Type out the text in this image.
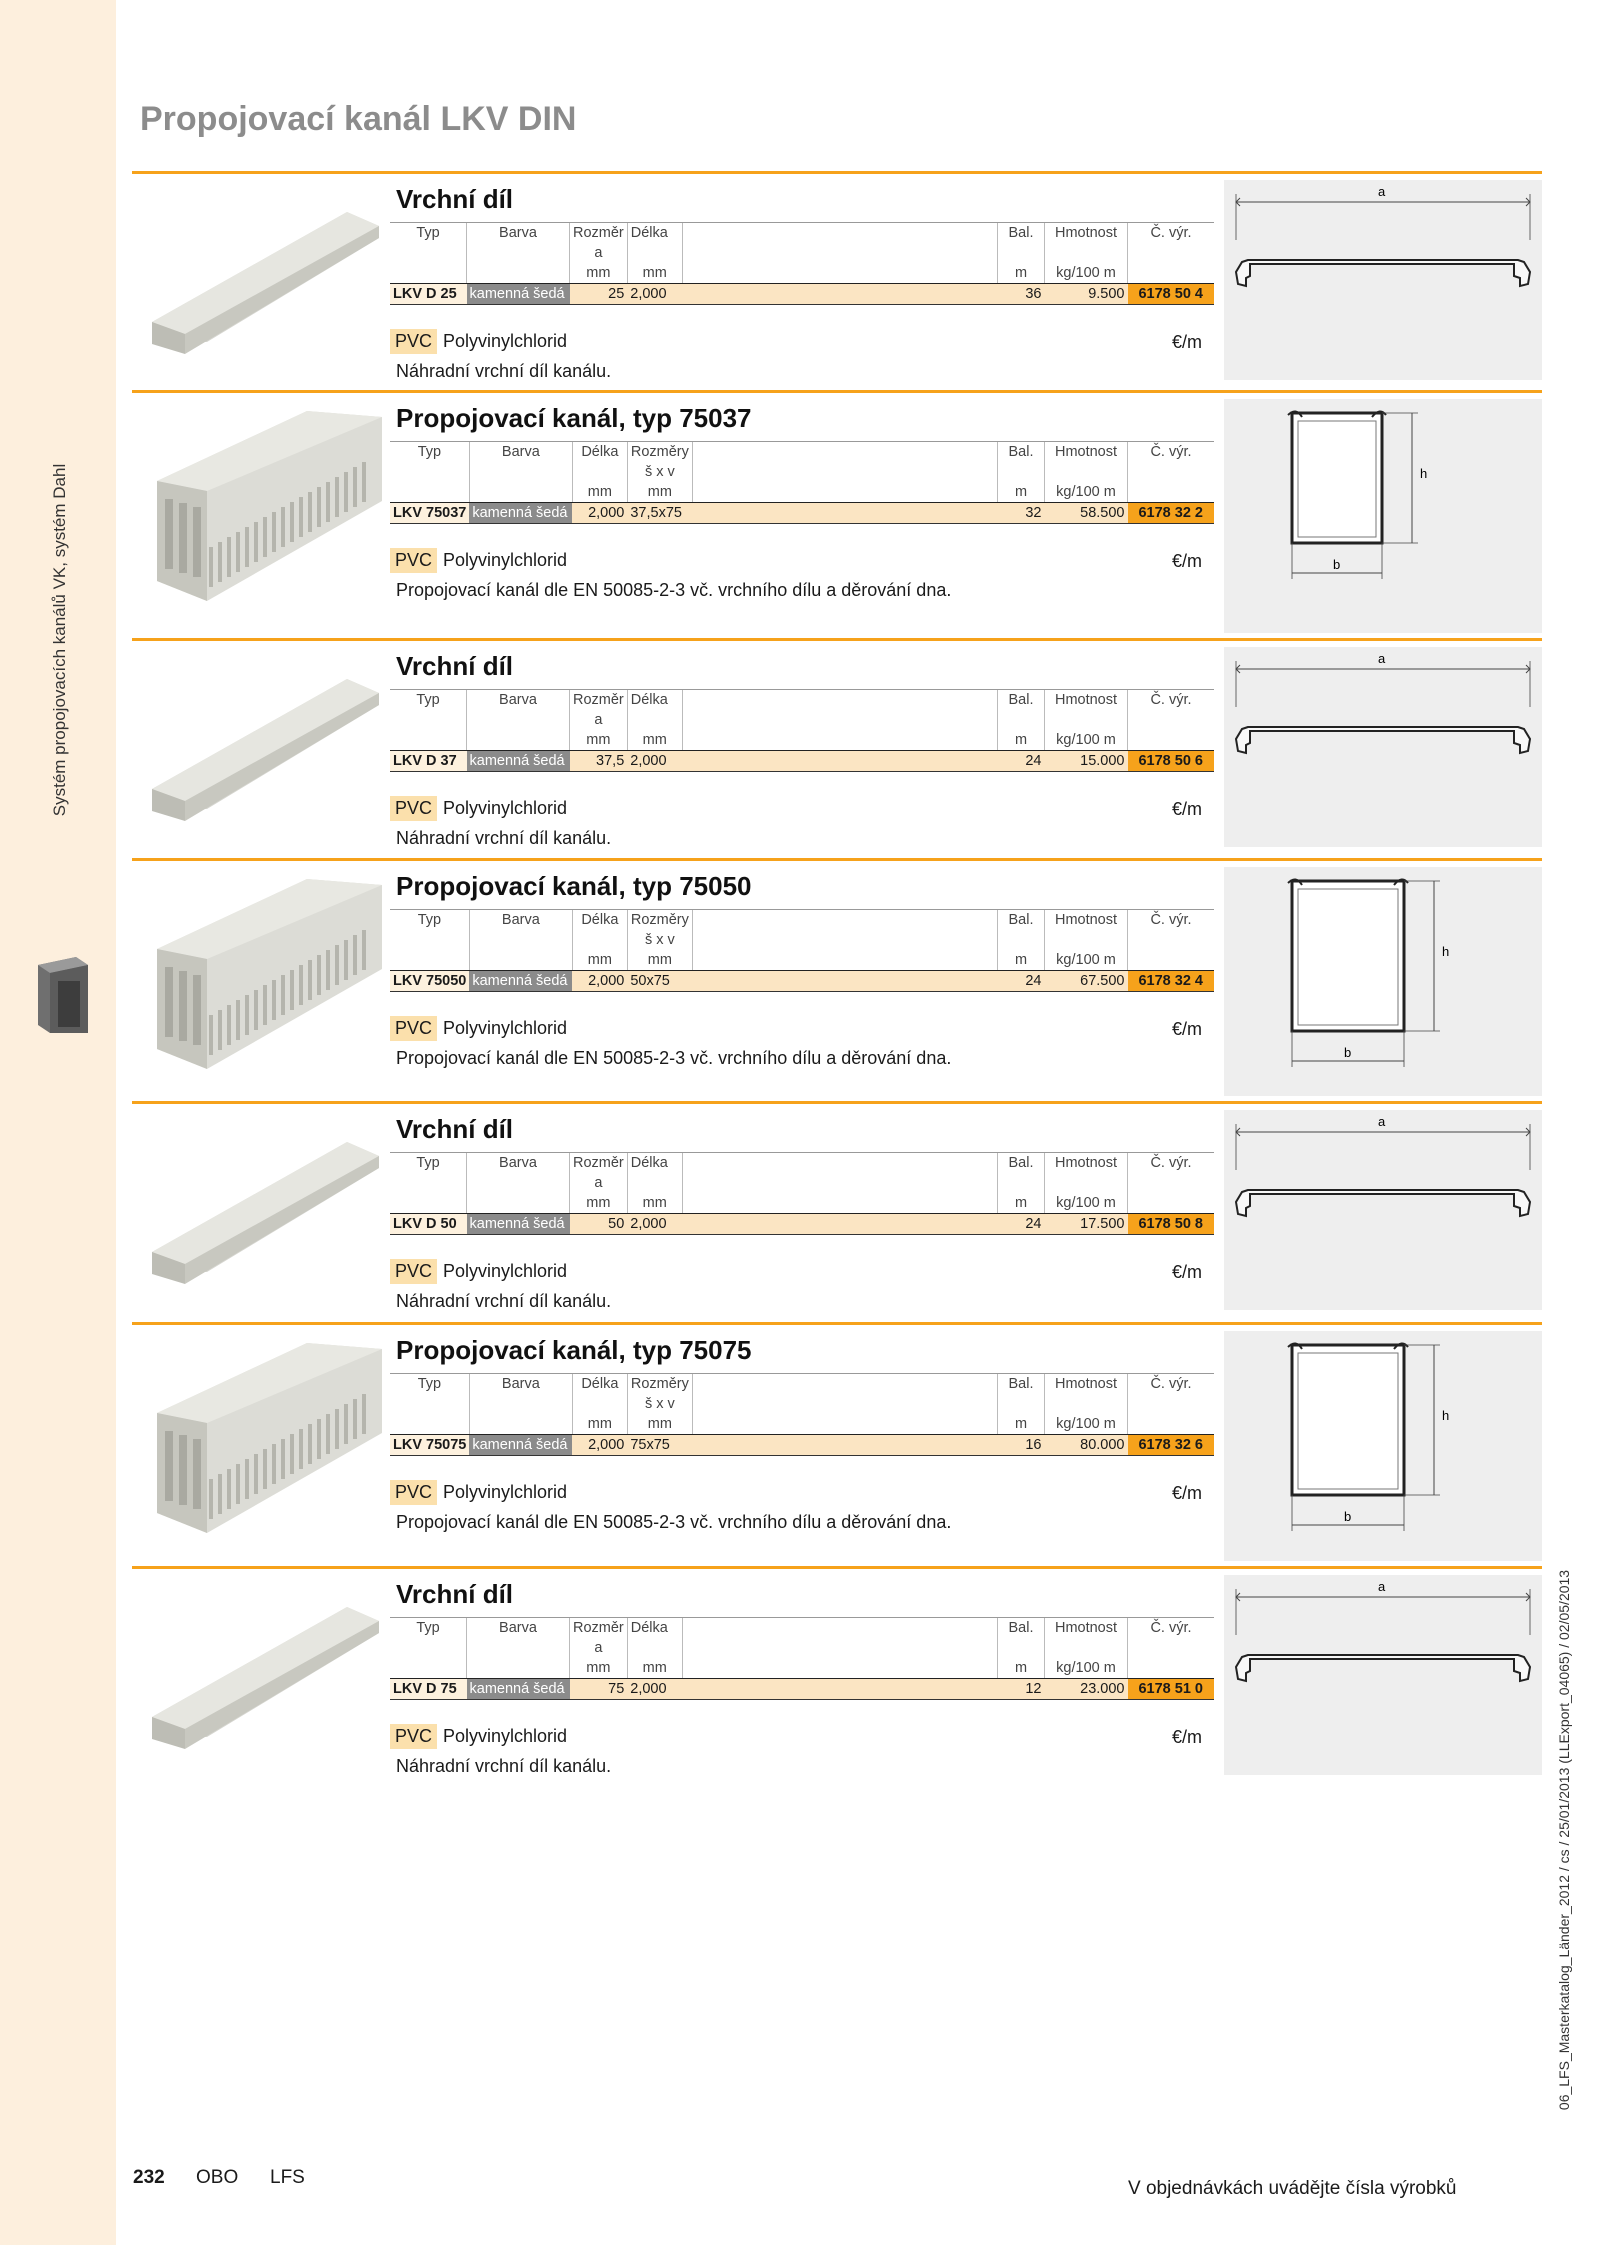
Systém propojovacích kanálů VK, systém Dahl
Propojovací kanál LKV DIN
Vrchní díl
Typ	Barva	Rozměr	Délka		Bal.	Hmotnost	Č. výr.
		a					
		mm	mm		m	kg/100 m	
LKV D 25	kamenná šedá	25	2,000		36	9.500	6178 50 4
PVC Polyvinylchlorid	€/m
Náhradní vrchní díl kanálu.
a
Propojovací kanál, typ 75037
Typ	Barva	Délka	Rozměry		Bal.	Hmotnost	Č. výr.
			š x v				
		mm	mm		m	kg/100 m	
LKV 75037	kamenná šedá	2,000	37,5x75		32	58.500	6178 32 2
PVC Polyvinylchlorid	€/m
Propojovací kanál dle EN 50085-2-3 vč. vrchního dílu a děrování dna.
h
b
Vrchní díl
Typ	Barva	Rozměr	Délka		Bal.	Hmotnost	Č. výr.
		a					
		mm	mm		m	kg/100 m	
LKV D 37	kamenná šedá	37,5	2,000		24	15.000	6178 50 6
PVC Polyvinylchlorid	€/m
Náhradní vrchní díl kanálu.
a
Propojovací kanál, typ 75050
Typ	Barva	Délka	Rozměry		Bal.	Hmotnost	Č. výr.
			š x v				
		mm	mm		m	kg/100 m	
LKV 75050	kamenná šedá	2,000	50x75		24	67.500	6178 32 4
PVC Polyvinylchlorid	€/m
Propojovací kanál dle EN 50085-2-3 vč. vrchního dílu a děrování dna.
h
b
Vrchní díl
Typ	Barva	Rozměr	Délka		Bal.	Hmotnost	Č. výr.
		a					
		mm	mm		m	kg/100 m	
LKV D 50	kamenná šedá	50	2,000		24	17.500	6178 50 8
PVC Polyvinylchlorid	€/m
Náhradní vrchní díl kanálu.
a
Propojovací kanál, typ 75075
Typ	Barva	Délka	Rozměry		Bal.	Hmotnost	Č. výr.
			š x v				
		mm	mm		m	kg/100 m	
LKV 75075	kamenná šedá	2,000	75x75		16	80.000	6178 32 6
PVC Polyvinylchlorid	€/m
Propojovací kanál dle EN 50085-2-3 vč. vrchního dílu a děrování dna.
h
b
Vrchní díl
Typ	Barva	Rozměr	Délka		Bal.	Hmotnost	Č. výr.
		a					
		mm	mm		m	kg/100 m	
LKV D 75	kamenná šedá	75	2,000		12	23.000	6178 51 0
PVC Polyvinylchlorid	€/m
Náhradní vrchní díl kanálu.
a
232 OBO LFS
V objednávkách uvádějte čísla výrobků
06_LFS_Masterkatalog_Länder_2012 / cs / 25/01/2013 (LLExport_04065) / 02/05/2013
